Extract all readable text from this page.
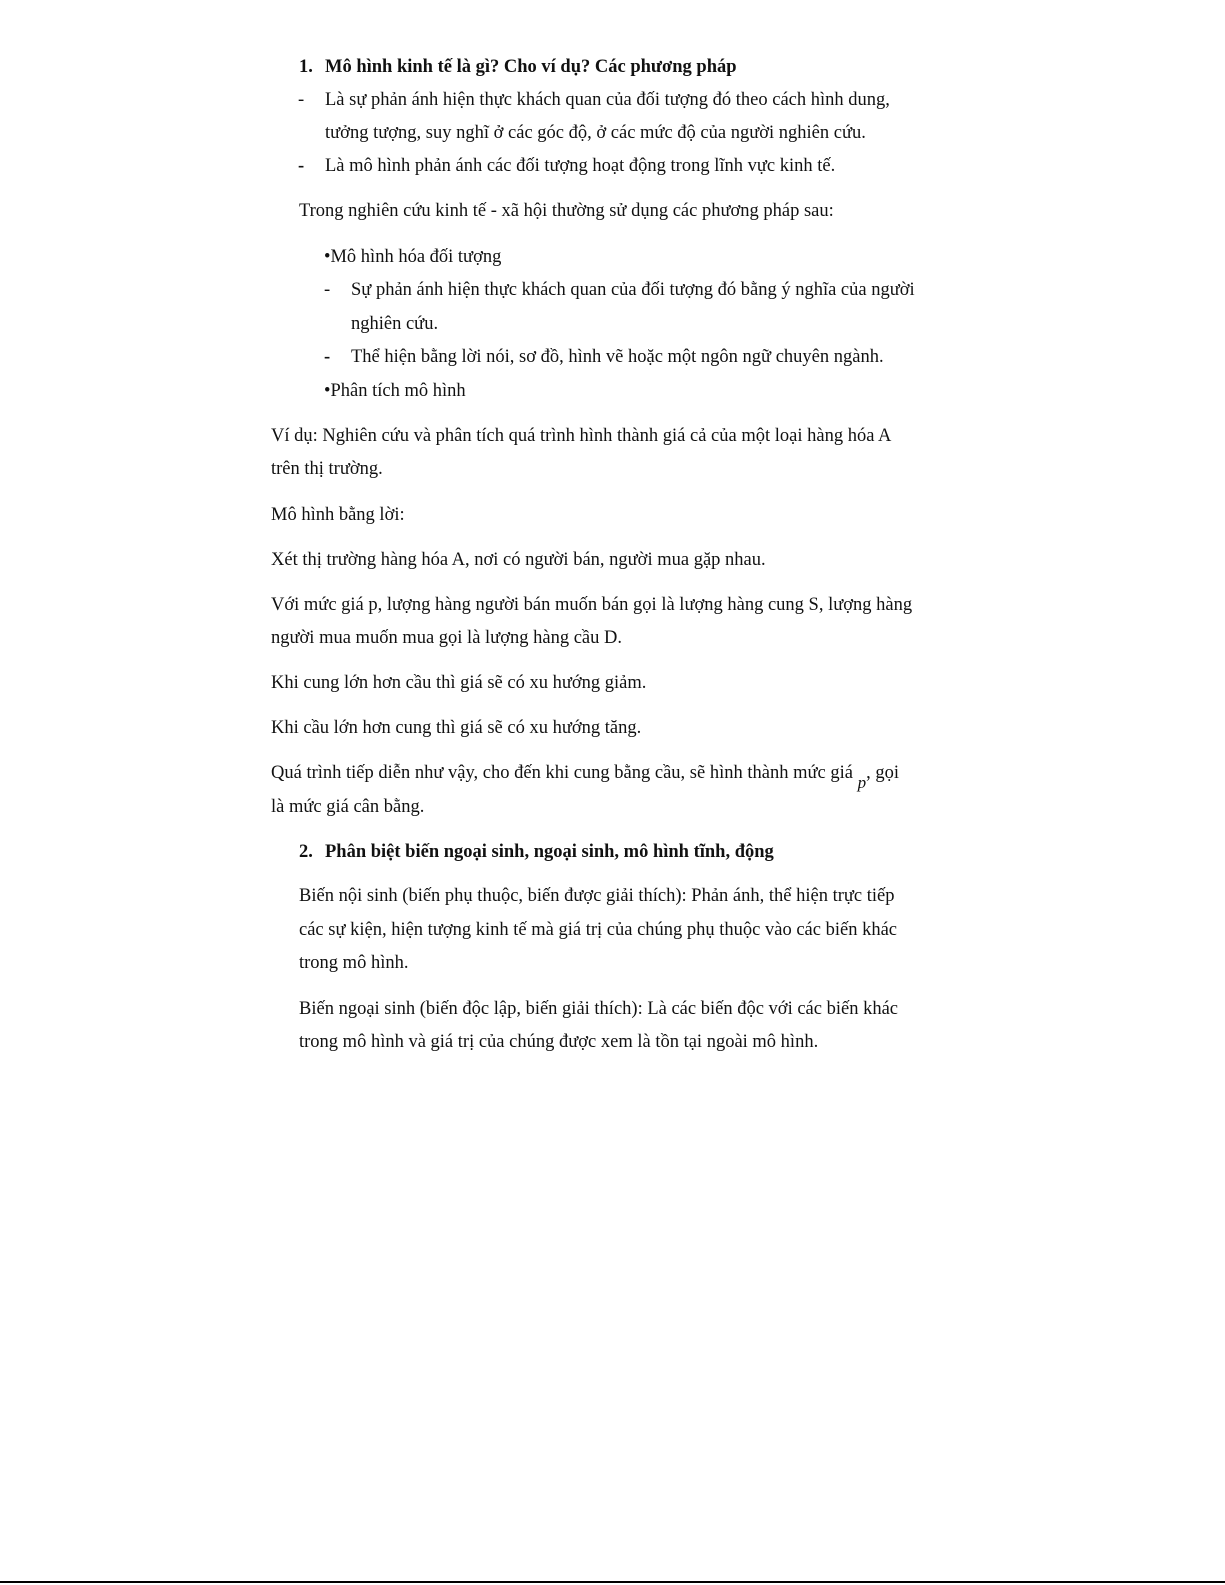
1. Mô hình kinh tế là gì? Cho ví dụ? Các phương pháp
- Là sự phản ánh hiện thực khách quan của đối tượng đó theo cách hình dung,
tưởng tượng, suy nghĩ ở các góc độ, ở các mức độ của người nghiên cứu.
- Là mô hình phản ánh các đối tượng hoạt động trong lĩnh vực kinh tế.
Trong nghiên cứu kinh tế - xã hội thường sử dụng các phương pháp sau:
•Mô hình hóa đối tượng
- Sự phản ánh hiện thực khách quan của đối tượng đó bằng ý nghĩa của người
nghiên cứu.
- Thể hiện bằng lời nói, sơ đồ, hình vẽ hoặc một ngôn ngữ chuyên ngành.
•Phân tích mô hình
Ví dụ: Nghiên cứu và phân tích quá trình hình thành giá cả của một loại hàng hóa A
trên thị trường.
Mô hình bằng lời:
Xét thị trường hàng hóa A, nơi có người bán, người mua gặp nhau.
Với mức giá p, lượng hàng người bán muốn bán gọi là lượng hàng cung S, lượng hàng
người mua muốn mua gọi là lượng hàng cầu D.
Khi cung lớn hơn cầu thì giá sẽ có xu hướng giảm.
Khi cầu lớn hơn cung thì giá sẽ có xu hướng tăng.
Quá trình tiếp diễn như vậy, cho đến khi cung bằng cầu, sẽ hình thành mức giá p, gọi
là mức giá cân bằng.
2. Phân biệt biến ngoại sinh, ngoại sinh, mô hình tĩnh, động
Biến nội sinh (biến phụ thuộc, biến được giải thích): Phản ánh, thể hiện trực tiếp
các sự kiện, hiện tượng kinh tế mà giá trị của chúng phụ thuộc vào các biến khác
trong mô hình.
Biến ngoại sinh (biến độc lập, biến giải thích): Là các biến độc với các biến khác
trong mô hình và giá trị của chúng được xem là tồn tại ngoài mô hình.
